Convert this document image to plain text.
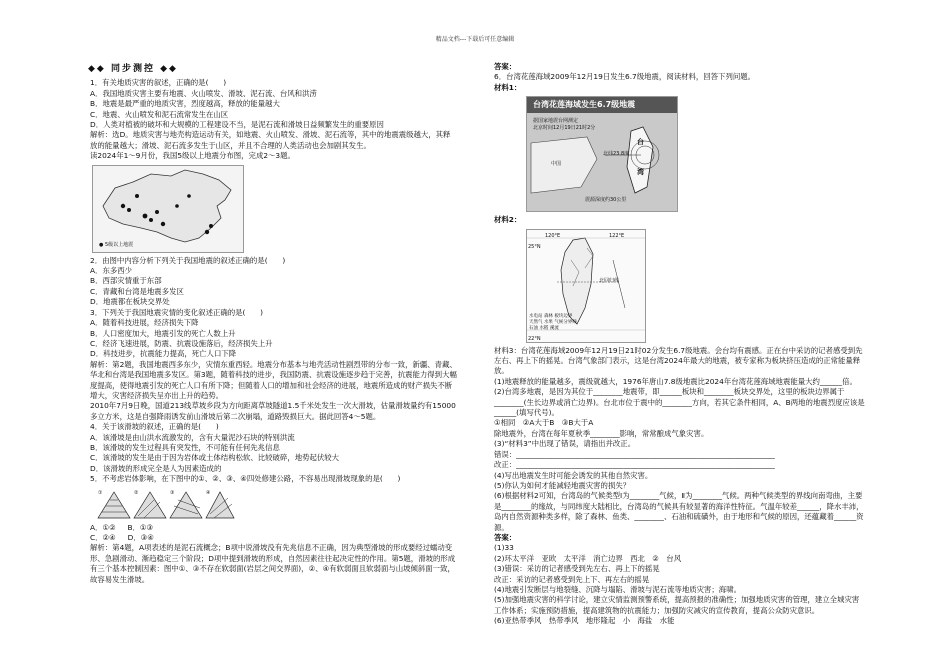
精品文档---下载后可任意编辑
◆◆ 同步测控 ◆◆
1．有关地质灾害的叙述，正确的是(　　)
A．我国地质灾害主要有地震、火山喷发、滑坡、泥石流、台风和洪涝
B．地震是最严重的地质灾害，烈度越高，释放的能量越大
C．地震、火山喷发和泥石流常发生在山区
D．人类对植被的破坏和大规模的工程建设不当，是泥石流和滑坡日益频繁发生的重要原因
解析：选D。地质灾害与地壳构造运动有关，如地震、火山喷发、滑坡、泥石流等，其中的地震震级越大，其释放的能量越大；滑坡、泥石流多发生于山区，并且不合理的人类活动也会加剧其发生。
读2024年1～9月份，我国5级以上地震分布图，完成2～3题。
● 5级以上地震
2．由图中内容分析下列关于我国地震的叙述正确的是(　　)
A．东多西少
B．西部灾情重于东部
C．青藏和台湾是地震多发区
D．地震都在板块交界处
3．下列关于我国地震灾情的变化叙述正确的是(　　)
A．随着科技进展，经济损失下降
B．人口密度加大，地震引发的死亡人数上升
C．经济飞速进展，防震、抗震设施落后，经济损失上升
D．科技进步，抗震能力提高，死亡人口下降
解析：第2题，我国地震西多东少，灾情东重西轻。地震分布基本与地壳活动性剧烈带的分布一致，新疆、青藏、华北和台湾是我国地震多发区。第3题，随着科技的进步，我国防震、抗震设施逐步趋于完善，抗震能力得到大幅度提高，使得地震引发的死亡人口有所下降；但随着人口的增加和社会经济的进展，地震所造成的财产损失不断增大，灾害经济损失呈亦出上升的趋势。
2010年7月9日晚，国道213线草坡乡段为方向距离草坡隧道1.5千米处发生一次大滑坡，估量滑坡量约有15000多立方米，这是自强降雨诱发前山滑坡后第二次崩塌，道路毁损巨大。据此回答4～5题。
4．关于该滑坡的叙述，正确的是(　　)
A．该滑坡是由山洪水流激发的，含有大量泥沙石块的特别洪流
B．该滑坡的发生过程具有突发性，不可能有任何先兆信息
C．该滑坡的发生是由于因为岩体或土体结构松软、比较破碎，地势起伏较大
D．该滑坡的形成完全是人为因素造成的
5．不考虑岩体影响，在下图中的①、②、③、④四处修建公路，不容易出现滑坡现象的是(　　)
①	②	③	④
A．①② B．①③
C．②④ D．③④
解析：第4题，A项表述的是泥石流概念；B项中说滑坡没有先兆信息不正确，因为典型滑坡的形成要经过蠕动变形、急剧滑动、渐趋稳定三个阶段；D项中提到滑坡的形成，自然因素往往起决定性的作用。第5题，滑坡的形成有三个基本控制因素：图中①、③不存在软弱面(岩层之间交界面)，②、④有软弱面且软弱面与山坡倾斜面一致，故容易发生滑坡。
答案：
6．台湾花莲海域2009年12月19日发生6.7级地震，阅读材料，回答下列问题。
材料1：
台湾花莲海域发生6.7级地震
据国家地震台网测定
北京时间12月19日21时2分
中国
台
湾
北纬23.8度
震源深度约30公里
材料2：
120°E	122°E
25°N
22°N
北回归线
水电站 森林 板块边界
天然气 水果 气候分界线
石油 水稻 溪流
材料3：台湾花莲海域2009年12月19日21时02分发生6.7级地震。会台均有震感。正在台中采访的记者感受到先左右、再上下的摇晃。台湾气象部门表示，这是台湾2024年最大的地震，被专家称为板块挤压造成的正常能量释放。
(1)地震释放的能量越多，震级就越大，1976年唐山7.8级地震比2024年台湾花莲海域地震能量大约______倍。
(2)台湾多地震，是因为其位于________地震带，即______板块和________板块交界处，这里的板块边界属于________(生长边界或消亡边界)。台北市位于震中的________方向，若其它条件相同，A、B两地的地震烈度应该是______(填写代号)。
①相同　②A大于B　③B大于A
除地震外，台湾在每年夏秋季________影响，常常酿成气象灾害。
(3)“材料3”中出现了错误，请指出并改正。
错误：______________________________________________________________________
改正：______________________________________________________________________
(4)写出地震发生时可能会诱发的其他自然灾害。
(5)你认为如何才能减轻地震灾害的损失？
(6)根据材料2可知，台湾岛的气候类型Ⅰ为________气候，Ⅱ为________气候。两种气候类型的界线向南弯曲，主要是________的缘故，与同纬度大陆相比，台湾岛的气候具有较显著的海洋性特征。气温年较差______，降水丰沛，岛内自然资源种类多样，除了森林、鱼类、________、石油和硫磺外，由于地形和气候的原因，还蕴藏着______资源。
答案：
(1)33
(2)环太平洋　亚欧　太平洋　消亡边界　西北　②　台风
(3)错误：采访的记者感受到先左右、再上下的摇晃
改正：采访的记者感受到先上下、再左右的摇晃
(4)地震引发断层与地裂缝、沉降与塌陷、滑坡与泥石流等地质灾害；海啸。
(5)加强地震灾害的科学讨论，建立灾情监测预警系统，提高预报的准确性；加强地质灾害的管理，建立全城灾害工作体系；实施预防措施，提高建筑物的抗震能力；加强防灾减灾的宣传教育，提高公众防灾意识。
(6)亚热带季风　热带季风　地形隆起　小　海盐　水能
